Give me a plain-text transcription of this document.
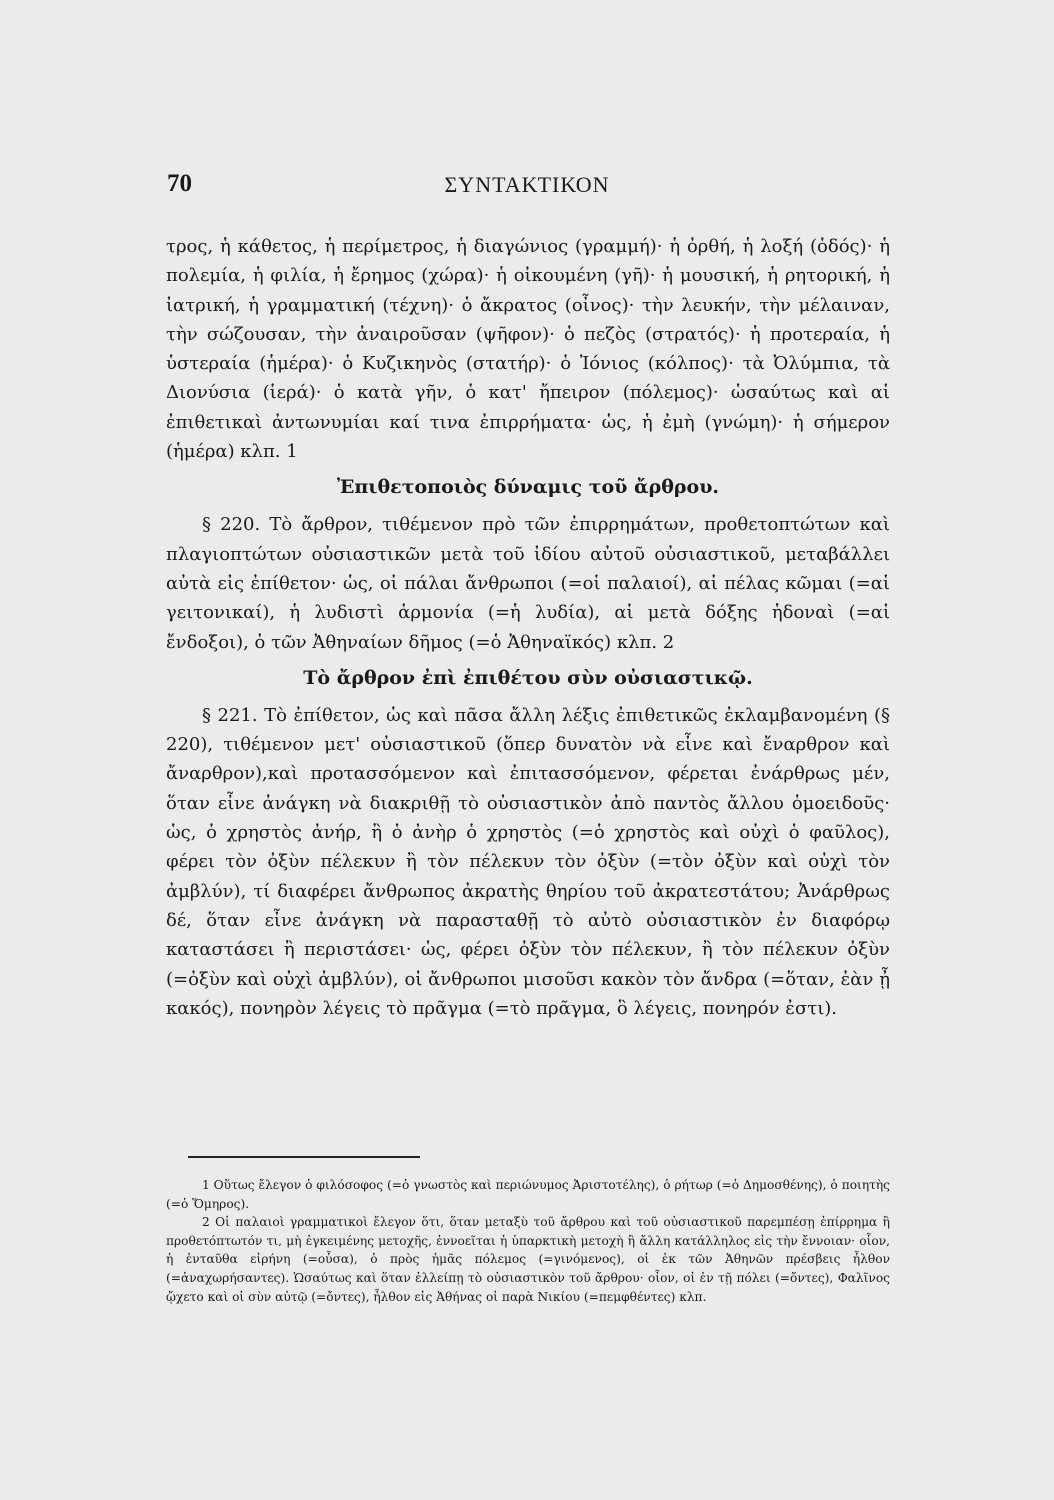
70	ΣΥΝΤΑΚΤΙΚΟΝ

τρος, ἡ κάθετος, ἡ περίμετρος, ἡ διαγώνιος (γραμμή)· ἡ ὀρθή, ἡ λοξή (ὁδός)· ἡ πολεμία, ἡ φιλία, ἡ ἔρημος (χώρα)· ἡ οἰκουμένη (γῆ)· ἡ μουσική, ἡ ρητορική, ἡ ἰατρική, ἡ γραμματική (τέχνη)· ὁ ἄκρατος (οἶνος)· τὴν λευκήν, τὴν μέλαιναν, τὴν σώζουσαν, τὴν ἀναιροῦσαν (ψῆφον)· ὁ πεζὸς (στρατός)· ἡ προτεραία, ἡ ὑστεραία (ἡμέρα)· ὁ Κυζικηνὸς (στατήρ)· ὁ Ἰόνιος (κόλπος)· τὰ Ὀλύμπια, τὰ Διονύσια (ἱερά)· ὁ κατὰ γῆν, ὁ κατ' ἤπειρον (πόλεμος)· ὡσαύτως καὶ αἱ ἐπιθετικαὶ ἀντωνυμίαι καί τινα ἐπιρρήματα· ὡς, ἡ ἐμὴ (γνώμη)· ἡ σήμερον (ἡμέρα) κλπ. 1

Ἐπιθετοποιὸς δύναμις τοῦ ἄρθρου.

§ 220. Τὸ ἄρθρον, τιθέμενον πρὸ τῶν ἐπιρρημάτων, προθετοπτώτων καὶ πλαγιοπτώτων οὐσιαστικῶν μετὰ τοῦ ἰδίου αὐτοῦ οὐσιαστικοῦ, μεταβάλλει αὐτὰ εἰς ἐπίθετον· ὡς, οἱ πάλαι ἄνθρωποι (=οἱ παλαιοί), αἱ πέλας κῶμαι (=αἱ γειτονικαί), ἡ λυδιστὶ ἁρμονία (=ἡ λυδία), αἱ μετὰ δόξης ἡδοναὶ (=αἱ ἔνδοξοι), ὁ τῶν Ἀθηναίων δῆμος (=ὁ Ἀθηναϊκός) κλπ. 2

Τὸ ἄρθρον ἐπὶ ἐπιθέτου σὺν οὐσιαστικῷ.

§ 221. Τὸ ἐπίθετον, ὡς καὶ πᾶσα ἄλλη λέξις ἐπιθετικῶς ἐκλαμβανομένη (§ 220), τιθέμενον μετ' οὐσιαστικοῦ (ὅπερ δυνατὸν νὰ εἶνε καὶ ἔναρθρον καὶ ἄναρθρον),καὶ προτασσόμενον καὶ ἐπιτασσόμενον, φέρεται ἐνάρθρως μέν, ὅταν εἶνε ἀνάγκη νὰ διακριθῇ τὸ οὐσιαστικὸν ἀπὸ παντὸς ἄλλου ὁμοειδοῦς· ὡς, ὁ χρηστὸς ἀνήρ, ἢ ὁ ἀνὴρ ὁ χρηστὸς (=ὁ χρηστὸς καὶ οὐχὶ ὁ φαῦλος), φέρει τὸν ὀξὺν πέλεκυν ἢ τὸν πέλεκυν τὸν ὀξὺν (=τὸν ὀξὺν καὶ οὐχὶ τὸν ἀμβλύν), τί διαφέρει ἄνθρωπος ἀκρατὴς θηρίου τοῦ ἀκρατεστάτου; Ἀνάρθρως δέ, ὅταν εἶνε ἀνάγκη νὰ παρασταθῇ τὸ αὐτὸ οὐσιαστικὸν ἐν διαφόρῳ καταστάσει ἢ περιστάσει· ὡς, φέρει ὀξὺν τὸν πέλεκυν, ἢ τὸν πέλεκυν ὀξὺν (=ὀξὺν καὶ οὐχὶ ἀμβλύν), οἱ ἄνθρωποι μισοῦσι κακὸν τὸν ἄνδρα (=ὅταν, ἐὰν ᾖ κακός), πονηρὸν λέγεις τὸ πρᾶγμα (=τὸ πρᾶγμα, ὃ λέγεις, πονηρόν ἐστι).

1 Οὕτως ἔλεγον ὁ φιλόσοφος (=ὁ γνωστὸς καὶ περιώνυμος Ἀριστοτέλης), ὁ ρήτωρ (=ὁ Δημοσθένης), ὁ ποιητὴς (=ὁ Ὅμηρος).

2 Οἱ παλαιοὶ γραμματικοὶ ἔλεγον ὅτι, ὅταν μεταξὺ τοῦ ἄρθρου καὶ τοῦ οὐσιαστικοῦ παρεμπέσῃ ἐπίρρημα ἢ προθετόπτωτόν τι, μὴ ἐγκειμένης μετοχῆς, ἐννοεῖται ἡ ὑπαρκτικὴ μετοχὴ ἢ ἄλλη κατάλληλος εἰς τὴν ἔννοιαν· οἷον, ἡ ἐνταῦθα εἰρήνη (=οὖσα), ὁ πρὸς ἡμᾶς πόλεμος (=γινόμενος), οἱ ἐκ τῶν Ἀθηνῶν πρέσβεις ἦλθον (=ἀναχωρήσαντες). Ὡσαύτως καὶ ὅταν ἐλλείπῃ τὸ οὐσιαστικὸν τοῦ ἄρθρου· οἷον, οἱ ἐν τῇ πόλει (=ὄντες), Φαλῖνος ᾤχετο καὶ οἱ σὺν αὐτῷ (=ὄντες), ἦλθον εἰς Ἀθήνας οἱ παρὰ Νικίου (=πεμφθέντες) κλπ.
